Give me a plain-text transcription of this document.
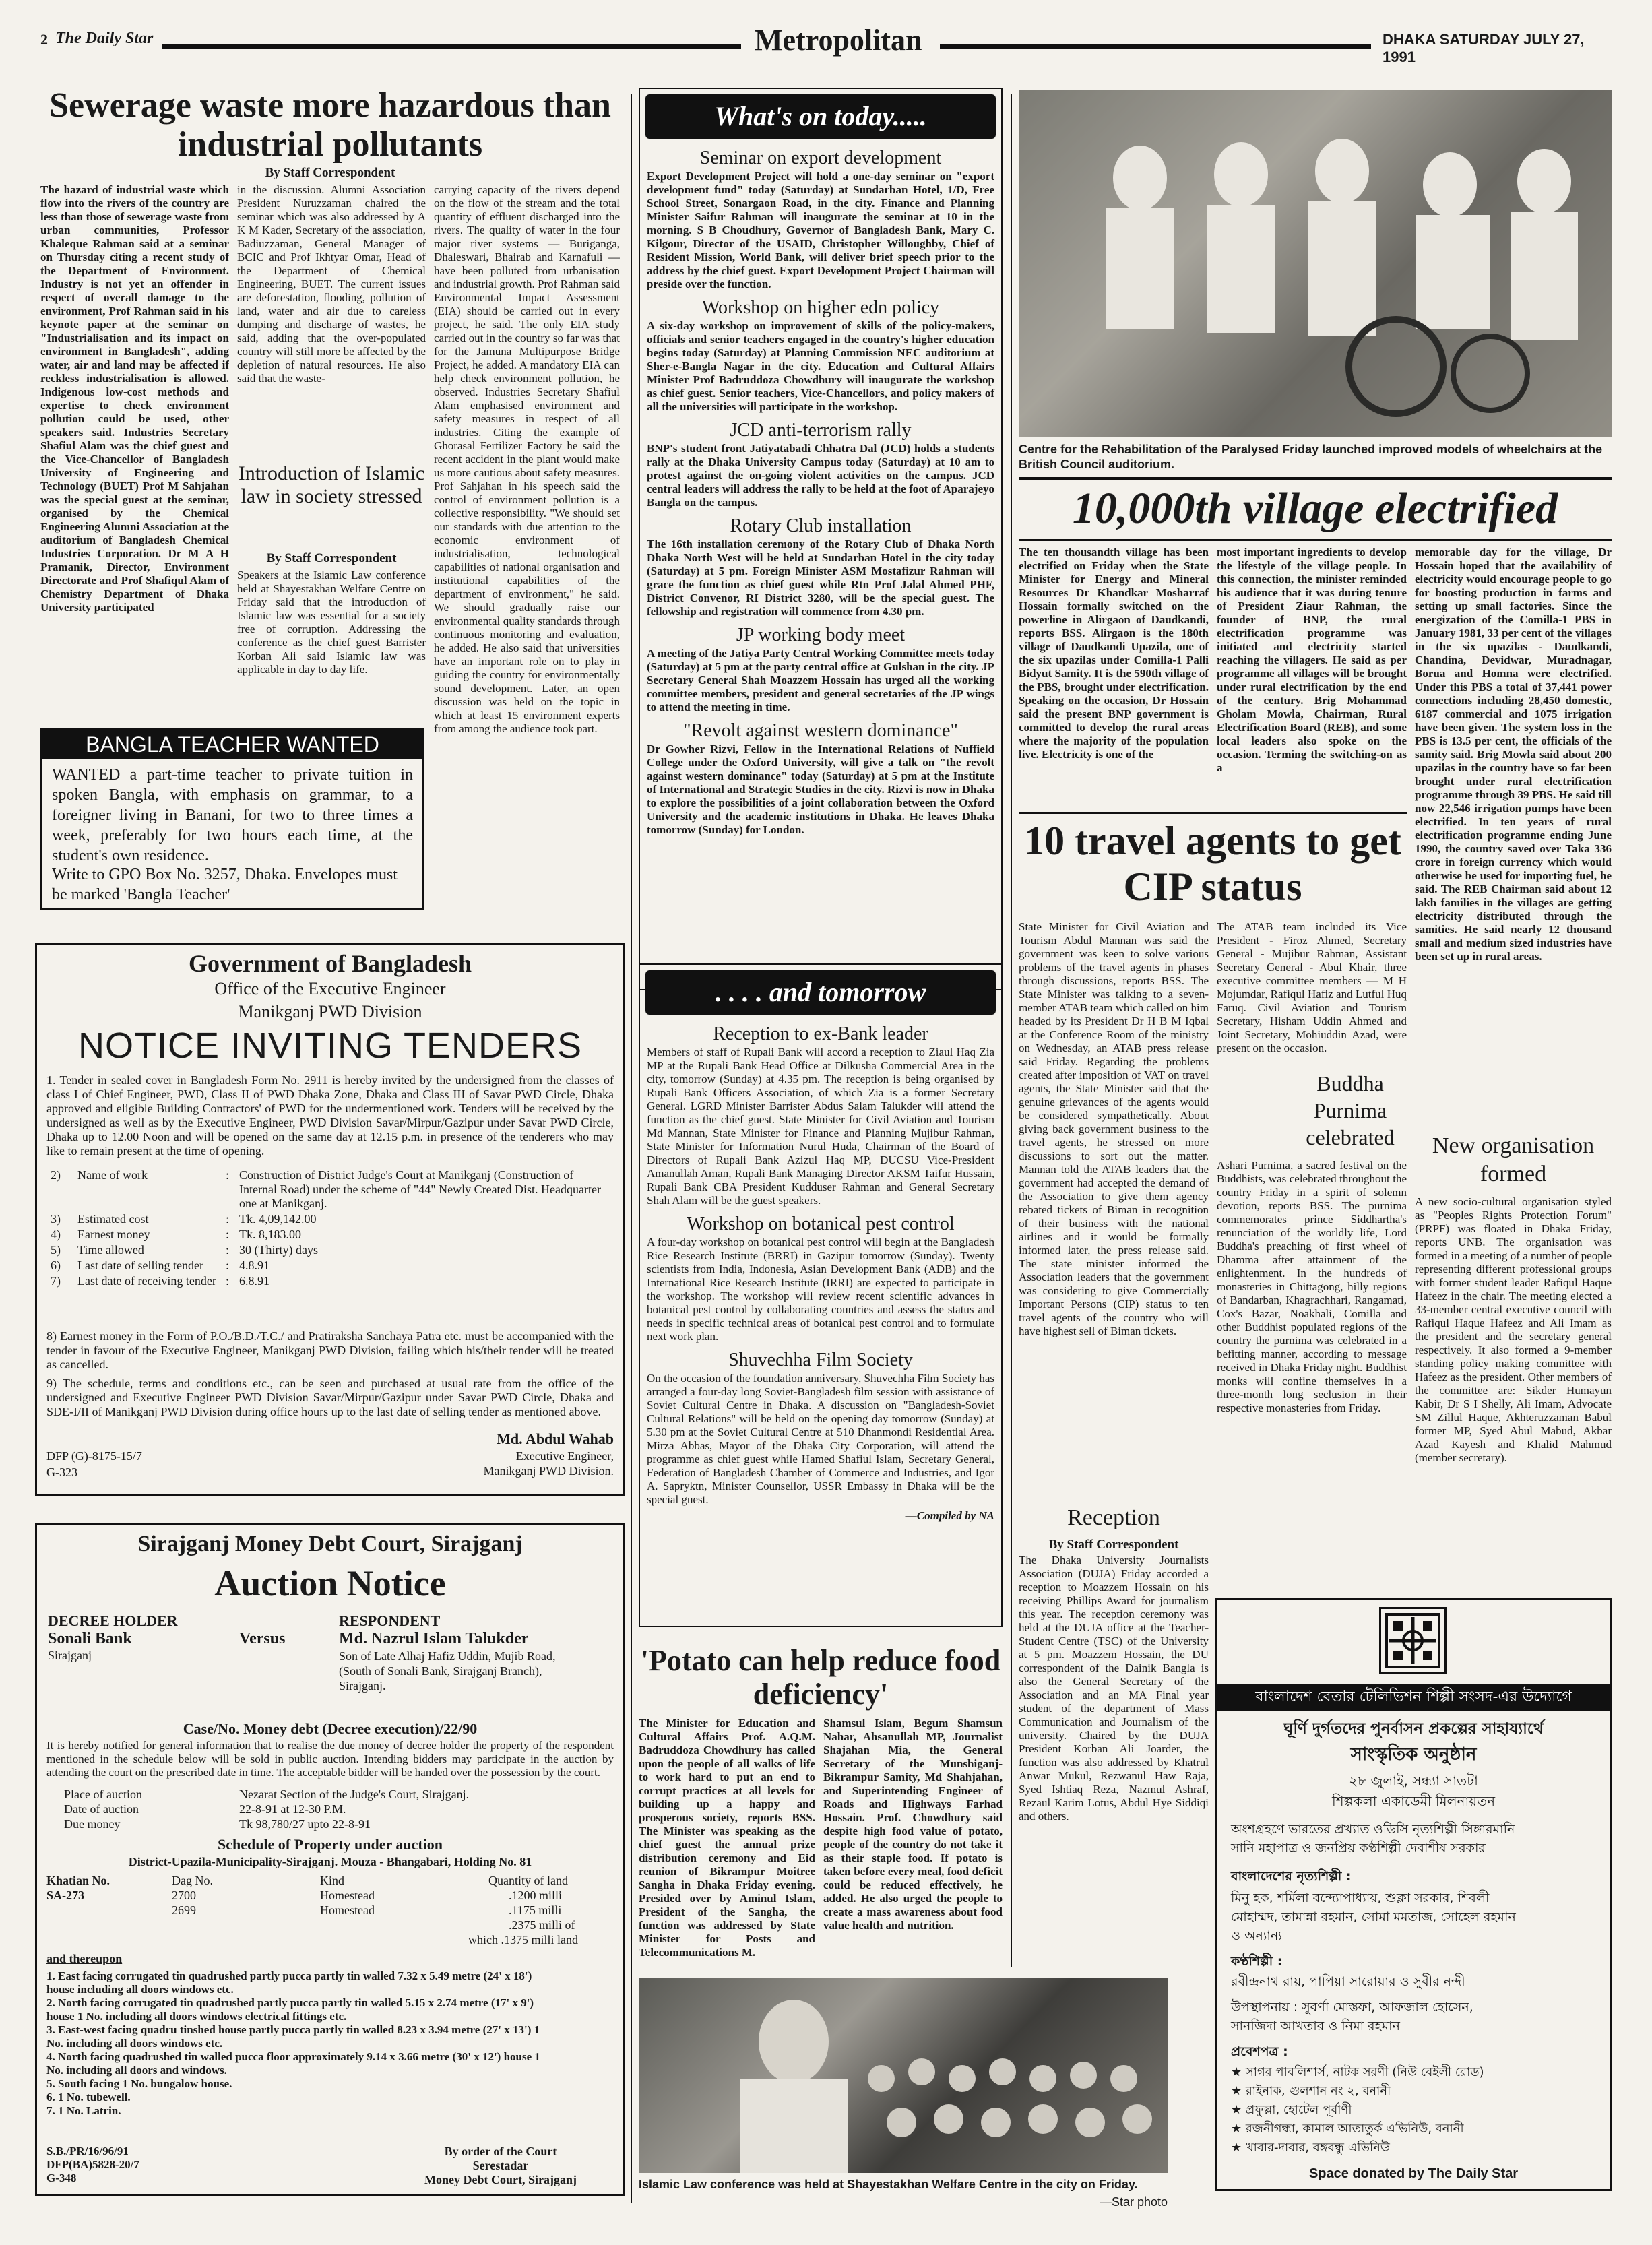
2 The Daily Star	Metropolitan	DHAKA SATURDAY JULY 27, 1991
Sewerage waste more hazardous than industrial pollutants
By Staff Correspondent
The hazard of industrial waste which flow into the rivers of the country are less than those of sewerage waste from urban communities, Professor Khaleque Rahman said at a seminar on Thursday citing a recent study of the Department of Environment. Industry is not yet an offender in respect of overall damage to the environment, Prof Rahman said in his keynote paper at the seminar on "Industrialisation and its impact on environment in Bangladesh", adding water, air and land may be affected if reckless industrialisation is allowed. Indigenous low-cost methods and expertise to check environment pollution could be used, other speakers said. Industries Secretary Shafiul Alam was the chief guest and the Vice-Chancellor of Bangladesh University of Engineering and Technology (BUET) Prof M Sahjahan was the special guest at the seminar, organised by the Chemical Engineering Alumni Association at the auditorium of Bangladesh Chemical Industries Corporation. Dr M A H Pramanik, Director, Environment Directorate and Prof Shafiqul Alam of Chemistry Department of Dhaka University participated
in the discussion. Alumni Association President Nuruzzaman chaired the seminar which was also addressed by A K M Kader, Secretary of the association, Badiuzzaman, General Manager of BCIC and Prof Ikhtyar Omar, Head of the Department of Chemical Engineering, BUET. The current issues are deforestation, flooding, pollution of land, water and air due to careless dumping and discharge of wastes, he said, adding that the over-populated country will still more be affected by the depletion of natural resources. He also said that the waste-
carrying capacity of the rivers depend on the flow of the stream and the total quantity of effluent discharged into the rivers. The quality of water in the four major river systems — Buriganga, Dhaleswari, Bhairab and Karnafuli — have been polluted from urbanisation and industrial growth. Prof Rahman said Environmental Impact Assessment (EIA) should be carried out in every project, he said. The only EIA study carried out in the country so far was that for the Jamuna Multipurpose Bridge Project, he added. A mandatory EIA can help check environment pollution, he observed. Industries Secretary Shafiul Alam emphasised environment and safety measures in respect of all industries. Citing the example of Ghorasal Fertilizer Factory he said the recent accident in the plant would make us more cautious about safety measures. Prof Sahjahan in his speech said the control of environment pollution is a collective responsibility. "We should set our standards with due attention to the economic environment of industrialisation, technological capabilities of national organisation and institutional capabilities of the department of environment," he said. We should gradually raise our environmental quality standards through continuous monitoring and evaluation, he added. He also said that universities have an important role on to play in guiding the country for environmentally sound development. Later, an open discussion was held on the topic in which at least 15 environment experts from among the audience took part.
Introduction of Islamic law in society stressed
By Staff Correspondent
Speakers at the Islamic Law conference held at Shayestakhan Welfare Centre on Friday said that the introduction of Islamic law was essential for a society free of corruption. Addressing the conference as the chief guest Barrister Korban Ali said Islamic law was applicable in day to day life.
BANGLA TEACHER WANTED
WANTED a part-time teacher to private tuition in spoken Bangla, with emphasis on grammar, to a foreigner living in Banani, for two to three times a week, preferably for two hours each time, at the student's own residence.
Write to GPO Box No. 3257, Dhaka. Envelopes must be marked 'Bangla Teacher'
Government of Bangladesh
Office of the Executive Engineer
Manikganj PWD Division
NOTICE INVITING TENDERS
1. Tender in sealed cover in Bangladesh Form No. 2911 is hereby invited by the undersigned from the classes of class I of Chief Engineer, PWD, Class II of PWD Dhaka Zone, Dhaka and Class III of Savar PWD Circle, Dhaka approved and eligible Building Contractors' of PWD for the undermentioned work. Tenders will be received by the undersigned as well as by the Executive Engineer, PWD Division Savar/Mirpur/Gazipur under Savar PWD Circle, Dhaka up to 12.00 Noon and will be opened on the same day at 12.15 p.m. in presence of the tenderers who may like to remain present at the time of opening.
2)	Name of work	:	Construction of District Judge's Court at Manikganj (Construction of Internal Road) under the scheme of "44" Newly Created Dist. Headquarter one at Manikganj.
3)	Estimated cost	:	Tk. 4,09,142.00
4)	Earnest money	:	Tk. 8,183.00
5)	Time allowed	:	30 (Thirty) days
6)	Last date of selling tender	:	4.8.91
7)	Last date of receiving tender	:	6.8.91
8) Earnest money in the Form of P.O./B.D./T.C./ and Pratiraksha Sanchaya Patra etc. must be accompanied with the tender in favour of the Executive Engineer, Manikganj PWD Division, failing which his/their tender will be treated as cancelled.
9) The schedule, terms and conditions etc., can be seen and purchased at usual rate from the office of the undersigned and Executive Engineer PWD Division Savar/Mirpur/Gazipur under Savar PWD Circle, Dhaka and SDE-I/II of Manikganj PWD Division during office hours up to the last date of selling tender as mentioned above.
Md. Abdul Wahab
Executive Engineer,
Manikganj PWD Division.
DFP (G)-8175-15/7
G-323
Sirajganj Money Debt Court, Sirajganj
Auction Notice
DECREE HOLDER
Sonali Bank
Sirajganj
Versus
RESPONDENT
Md. Nazrul Islam Talukder
Son of Late Alhaj Hafiz Uddin, Mujib Road, (South of Sonali Bank, Sirajganj Branch), Sirajganj.
Case/No. Money debt (Decree execution)/22/90
It is hereby notified for general information that to realise the due money of decree holder the property of the respondent mentioned in the schedule below will be sold in public auction. Intending bidders may participate in the auction by attending the court on the prescribed date in time. The acceptable bidder will be handed over the possession by the court.
Place of auction	Nezarat Section of the Judge's Court, Sirajganj.
Date of auction	22-8-91 at 12-30 P.M.
Due money	Tk 98,780/27 upto 22-8-91
Schedule of Property under auction
District-Upazila-Municipality-Sirajganj. Mouza - Bhangabari, Holding No. 81
Khatian No.
SA-273
Dag No.
2700
2699
Kind
Homestead
Homestead
Quantity of land
.1200 milli
.1175 milli
.2375 milli of
which .1375 milli land
and thereupon
1. East facing corrugated tin quadrushed partly pucca partly tin walled 7.32 x 5.49 metre (24' x 18') house including all doors windows etc.
2. North facing corrugated tin quadrushed partly pucca partly tin walled 5.15 x 2.74 metre (17' x 9') house 1 No. including all doors windows electrical fittings etc.
3. East-west facing quadru tinshed house partly pucca partly tin walled 8.23 x 3.94 metre (27' x 13') 1 No. including all doors windows etc.
4. North facing quadrushed tin walled pucca floor approximately 9.14 x 3.66 metre (30' x 12') house 1 No. including all doors and windows.
5. South facing 1 No. bungalow house.
6. 1 No. tubewell.
7. 1 No. Latrin.
S.B./PR/16/96/91
DFP(BA)5828-20/7
G-348
By order of the Court
Serestadar
Money Debt Court, Sirajganj
What's on today.....
Seminar on export development
Export Development Project will hold a one-day seminar on "export development fund" today (Saturday) at Sundarban Hotel, 1/D, Free School Street, Sonargaon Road, in the city. Finance and Planning Minister Saifur Rahman will inaugurate the seminar at 10 in the morning. S B Choudhury, Governor of Bangladesh Bank, Mary C. Kilgour, Director of the USAID, Christopher Willoughby, Chief of Resident Mission, World Bank, will deliver brief speech prior to the address by the chief guest. Export Development Project Chairman will preside over the function.
Workshop on higher edn policy
A six-day workshop on improvement of skills of the policy-makers, officials and senior teachers engaged in the country's higher education begins today (Saturday) at Planning Commission NEC auditorium at Sher-e-Bangla Nagar in the city. Education and Cultural Affairs Minister Prof Badruddoza Chowdhury will inaugurate the workshop as chief guest. Senior teachers, Vice-Chancellors, and policy makers of all the universities will participate in the workshop.
JCD anti-terrorism rally
BNP's student front Jatiyatabadi Chhatra Dal (JCD) holds a students rally at the Dhaka University Campus today (Saturday) at 10 am to protest against the on-going violent activities on the campus. JCD central leaders will address the rally to be held at the foot of Aparajeyo Bangla on the campus.
Rotary Club installation
The 16th installation ceremony of the Rotary Club of Dhaka North Dhaka North West will be held at Sundarban Hotel in the city today (Saturday) at 5 pm. Foreign Minister ASM Mostafizur Rahman will grace the function as chief guest while Rtn Prof Jalal Ahmed PHF, District Convenor, RI District 3280, will be the special guest. The fellowship and registration will commence from 4.30 pm.
JP working body meet
A meeting of the Jatiya Party Central Working Committee meets today (Saturday) at 5 pm at the party central office at Gulshan in the city. JP Secretary General Shah Moazzem Hossain has urged all the working committee members, president and general secretaries of the JP wings to attend the meeting in time.
"Revolt against western dominance"
Dr Gowher Rizvi, Fellow in the International Relations of Nuffield College under the Oxford University, will give a talk on "the revolt against western dominance" today (Saturday) at 5 pm at the Institute of International and Strategic Studies in the city. Rizvi is now in Dhaka to explore the possibilities of a joint collaboration between the Oxford University and the academic institutions in Dhaka. He leaves Dhaka tomorrow (Sunday) for London.
. . . . and tomorrow
Reception to ex-Bank leader
Members of staff of Rupali Bank will accord a reception to Ziaul Haq Zia MP at the Rupali Bank Head Office at Dilkusha Commercial Area in the city, tomorrow (Sunday) at 4.35 pm. The reception is being organised by Rupali Bank Officers Association, of which Zia is a former Secretary General. LGRD Minister Barrister Abdus Salam Talukder will attend the function as the chief guest. State Minister for Civil Aviation and Tourism Md Mannan, State Minister for Finance and Planning Mujibur Rahman, State Minister for Information Nurul Huda, Chairman of the Board of Directors of Rupali Bank Azizul Haq MP, DUCSU Vice-President Amanullah Aman, Rupali Bank Managing Director AKSM Taifur Hussain, Rupali Bank CBA President Kudduser Rahman and General Secretary Shah Alam will be the guest speakers.
Workshop on botanical pest control
A four-day workshop on botanical pest control will begin at the Bangladesh Rice Research Institute (BRRI) in Gazipur tomorrow (Sunday). Twenty scientists from India, Indonesia, Asian Development Bank (ADB) and the International Rice Research Institute (IRRI) are expected to participate in the workshop. The workshop will review recent scientific advances in botanical pest control by collaborating countries and assess the status and needs in specific technical areas of botanical pest control and to formulate next work plan.
Shuvechha Film Society
On the occasion of the foundation anniversary, Shuvechha Film Society has arranged a four-day long Soviet-Bangladesh film session with assistance of Soviet Cultural Centre in Dhaka. A discussion on "Bangladesh-Soviet Cultural Relations" will be held on the opening day tomorrow (Sunday) at 5.30 pm at the Soviet Cultural Centre at 510 Dhanmondi Residential Area. Mirza Abbas, Mayor of the Dhaka City Corporation, will attend the programme as chief guest while Hamed Shafiul Islam, Secretary General, Federation of Bangladesh Chamber of Commerce and Industries, and Igor A. Sapryktn, Minister Counsellor, USSR Embassy in Dhaka will be the special guest.
—Compiled by NA
'Potato can help reduce food deficiency'
The Minister for Education and Cultural Affairs Prof. A.Q.M. Badruddoza Chowdhury has called upon the people of all walks of life to work hard to put an end to corrupt practices at all levels for building up a happy and prosperous society, reports BSS. The Minister was speaking as the chief guest the annual prize distribution ceremony and Eid reunion of Bikrampur Moitree Sangha in Dhaka Friday evening. Presided over by Aminul Islam, President of the Sangha, the function was addressed by State Minister for Posts and Telecommunications M.
Shamsul Islam, Begum Shamsun Nahar, Ahsanullah MP, Journalist Shajahan Mia, the General Secretary of the Munshiganj-Bikrampur Samity, Md Shahjahan, and Superintending Engineer of Roads and Highways Farhad Hossain. Prof. Chowdhury said despite high food value of potato, people of the country do not take it as their staple food. If potato is taken before every meal, food deficit could be reduced effectively, he added. He also urged the people to create a mass awareness about food value health and nutrition.
Islamic Law conference was held at Shayestakhan Welfare Centre in the city on Friday.
—Star photo
Centre for the Rehabilitation of the Paralysed Friday launched improved models of wheelchairs at the British Council auditorium.
10,000th village electrified
The ten thousandth village has been electrified on Friday when the State Minister for Energy and Mineral Resources Dr Khandkar Mosharraf Hossain formally switched on the powerline in Alirgaon of Daudkandi, reports BSS. Alirgaon is the 180th village of Daudkandi Upazila, one of the six upazilas under Comilla-1 Palli Bidyut Samity. It is the 590th village of the PBS, brought under electrification. Speaking on the occasion, Dr Hossain said the present BNP government is committed to develop the rural areas where the majority of the population live. Electricity is one of the
most important ingredients to develop the lifestyle of the village people. In this connection, the minister reminded his audience that it was during tenure of President Ziaur Rahman, the founder of BNP, the rural electrification programme was initiated and electricity started reaching the villagers. He said as per programme all villages will be brought under rural electrification by the end of the century. Brig Mohammad Gholam Mowla, Chairman, Rural Electrification Board (REB), and some local leaders also spoke on the occasion. Terming the switching-on as a
memorable day for the village, Dr Hossain hoped that the availability of electricity would encourage people to go for boosting production in farms and setting up small factories. Since the energization of the Comilla-1 PBS in January 1981, 33 per cent of the villages in the six upazilas - Daudkandi, Chandina, Devidwar, Muradnagar, Borua and Homna were electrified. Under this PBS a total of 37,441 power connections including 28,450 domestic, 6187 commercial and 1075 irrigation have been given. The system loss in the PBS is 13.5 per cent, the officials of the samity said. Brig Mowla said about 200 upazilas in the country have so far been brought under rural electrification programme through 39 PBS. He said till now 22,546 irrigation pumps have been electrified. In ten years of rural electrification programme ending June 1990, the country saved over Taka 336 crore in foreign currency which would otherwise be used for importing fuel, he said. The REB Chairman said about 12 lakh families in the villages are getting electricity distributed through the samities. He said nearly 12 thousand small and medium sized industries have been set up in rural areas.
10 travel agents to get CIP status
State Minister for Civil Aviation and Tourism Abdul Mannan was said the government was keen to solve various problems of the travel agents in phases through discussions, reports BSS. The State Minister was talking to a seven-member ATAB team which called on him headed by its President Dr H B M Iqbal at the Conference Room of the ministry on Wednesday, an ATAB press release said Friday. Regarding the problems created after imposition of VAT on travel agents, the State Minister said that the genuine grievances of the agents would be considered sympathetically. About giving back government business to the travel agents, he stressed on more discussions to sort out the matter. Mannan told the ATAB leaders that the government had accepted the demand of the Association to give them agency rebated tickets of Biman in recognition of their business with the national airlines and it would be formally informed later, the press release said. The state minister informed the Association leaders that the government was considering to give Commercially Important Persons (CIP) status to ten travel agents of the country who will have highest sell of Biman tickets.
The ATAB team included its Vice President - Firoz Ahmed, Secretary General - Mujibur Rahman, Assistant Secretary General - Abul Khair, three executive committee members — M H Mojumdar, Rafiqul Hafiz and Lutful Huq Faruq. Civil Aviation and Tourism Secretary, Hisham Uddin Ahmed and Joint Secretary, Mohiuddin Azad, were present on the occasion.
Buddha Purnima celebrated
Ashari Purnima, a sacred festival on the Buddhists, was celebrated throughout the country Friday in a spirit of solemn devotion, reports BSS. The purnima commemorates prince Siddhartha's renunciation of the worldly life, Lord Buddha's preaching of first wheel of Dhamma after attainment of the enlightenment. In the hundreds of monasteries in Chittagong, hilly regions of Bandarban, Khagrachhari, Rangamati, Cox's Bazar, Noakhali, Comilla and other Buddhist populated regions of the country the purnima was celebrated in a befitting manner, according to message received in Dhaka Friday night. Buddhist monks will confine themselves in a three-month long seclusion in their respective monasteries from Friday.
Reception
By Staff Correspondent
The Dhaka University Journalists Association (DUJA) Friday accorded a reception to Moazzem Hossain on his receiving Phillips Award for journalism this year. The reception ceremony was held at the DUJA office at the Teacher-Student Centre (TSC) of the University at 5 pm. Moazzem Hossain, the DU correspondent of the Dainik Bangla is also the General Secretary of the Association and an MA Final year student of the department of Mass Communication and Journalism of the university. Chaired by the DUJA President Korban Ali Joarder, the function was also addressed by Khatrul Anwar Mukul, Rezwanul Haw Raja, Syed Ishtiaq Reza, Nazmul Ashraf, Rezaul Karim Lotus, Abdul Hye Siddiqi and others.
New organisation formed
A new socio-cultural organisation styled as "Peoples Rights Protection Forum" (PRPF) was floated in Dhaka Friday, reports UNB. The organisation was formed in a meeting of a number of people representing different professional groups with former student leader Rafiqul Haque Hafeez in the chair. The meeting elected a 33-member central executive council with Rafiqul Haque Hafeez and Ali Imam as the president and the secretary general respectively. It also formed a 9-member standing policy making committee with Hafeez as the president. Other members of the committee are: Sikder Humayun Kabir, Dr S I Shelly, Ali Imam, Advocate SM Zillul Haque, Akhteruzzaman Babul former MP, Syed Abul Mabud, Akbar Azad Kayesh and Khalid Mahmud (member secretary).
বাংলাদেশ বেতার টেলিভিশন শিল্পী সংসদ-এর উদ্যোগে
ঘূর্ণি দুর্গতদের পুনর্বাসন প্রকল্পের সাহায্যার্থে
সাংস্কৃতিক অনুষ্ঠান
২৮ জুলাই, সন্ধ্যা সাতটা
শিল্পকলা একাডেমী মিলনায়তন
অংশগ্রহণে ভারতের প্রখ্যাত ওডিসি নৃত্যশিল্পী সিঙ্গারমানি
সানি মহাপাত্র ও জনপ্রিয় কণ্ঠশিল্পী দেবাশীষ সরকার
বাংলাদেশের নৃত্যশিল্পী :
মিনু হক, শর্মিলা বন্দ্যোপাধ্যায়, শুক্লা সরকার, শিবলী
মোহাম্মদ, তামান্না রহমান, সোমা মমতাজ, সোহেল রহমান
ও অন্যান্য
কণ্ঠশিল্পী :
রবীন্দ্রনাথ রায়, পাপিয়া সারোয়ার ও সুবীর নন্দী
উপস্থাপনায় : সুবর্ণা মোস্তফা, আফজাল হোসেন,
সানজিদা আখতার ও নিমা রহমান
প্রবেশপত্র :
★ সাগর পাবলিশার্স, নাটক সরণী (নিউ বেইলী রোড)
★ রাইনাক, গুলশান নং ২, বনানী
★ প্রফুল্লা, হোটেল পূর্বাণী
★ রজনীগন্ধা, কামাল আতাতুর্ক এভিনিউ, বনানী
★ খাবার-দাবার, বঙ্গবন্ধু এভিনিউ
Space donated by The Daily Star
